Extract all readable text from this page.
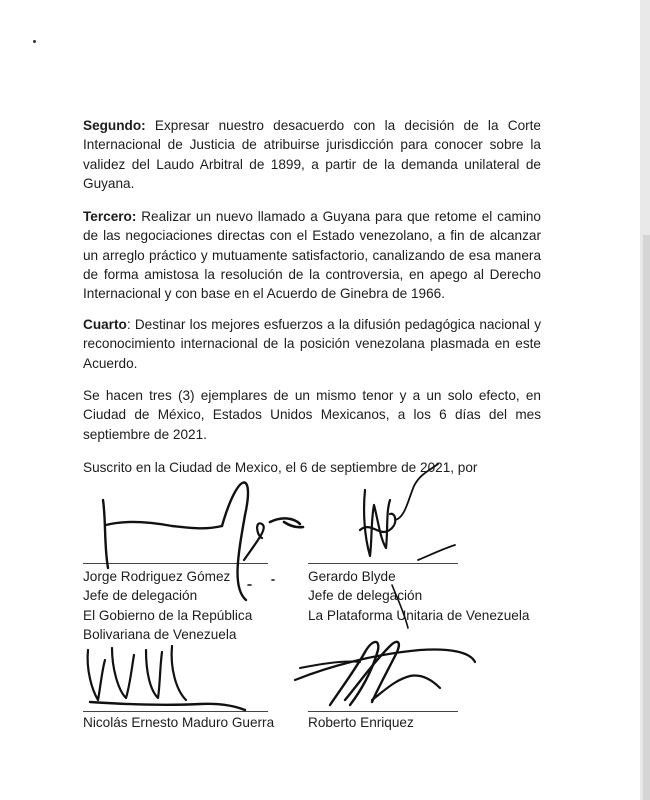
Segundo: Expresar nuestro desacuerdo con la decisión de la Corte Internacional de Justicia de atribuirse jurisdicción para conocer sobre la validez del Laudo Arbitral de 1899, a partir de la demanda unilateral de Guyana.

Tercero: Realizar un nuevo llamado a Guyana para que retome el camino de las negociaciones directas con el Estado venezolano, a fin de alcanzar un arreglo práctico y mutuamente satisfactorio, canalizando de esa manera de forma amistosa la resolución de la controversia, en apego al Derecho Internacional y con base en el Acuerdo de Ginebra de 1966.

Cuarto: Destinar los mejores esfuerzos a la difusión pedagógica nacional y reconocimiento internacional de la posición venezolana plasmada en este Acuerdo.

Se hacen tres (3) ejemplares de un mismo tenor y a un solo efecto, en Ciudad de México, Estados Unidos Mexicanos, a los 6 días del mes septiembre de 2021.

Suscrito en la Ciudad de Mexico, el 6 de septiembre de 2021, por

Jorge Rodriguez Gómez
Jefe de delegación
El Gobierno de la República
Bolivariana de Venezuela
Gerardo Blyde
Jefe de delegación
La Plataforma Unitaria de Venezuela
Nicolás Ernesto Maduro Guerra Roberto Enriquez
